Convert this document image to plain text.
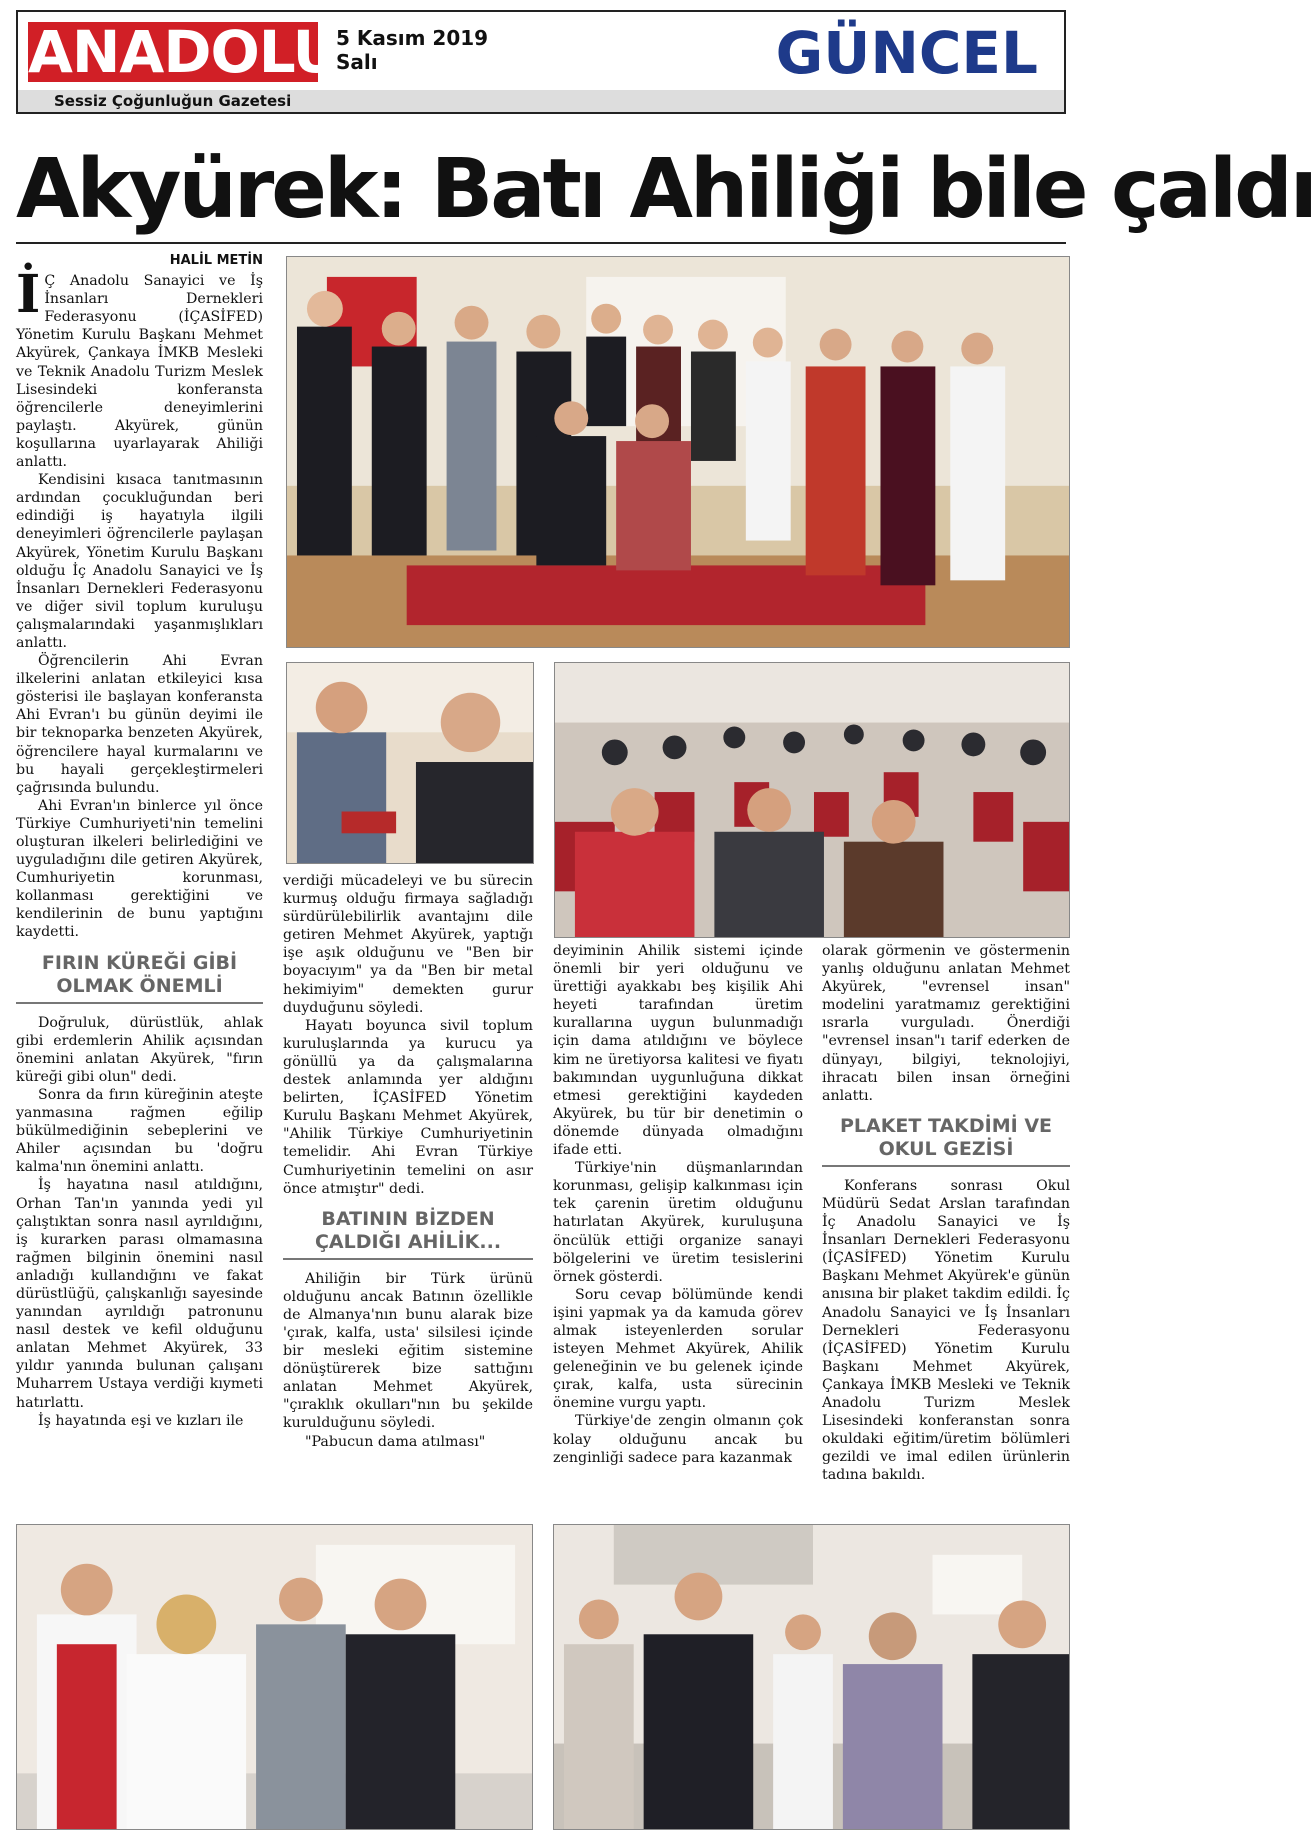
ANADOLU
5 Kasım 2019
Salı	GÜNCEL
Sessiz Çoğunluğun Gazetesi
Akyürek: Batı Ahiliği bile çaldı
HALİL METİN

İ Ç Anadolu Sanayici ve İş İnsanları Dernekleri Federasyonu (İÇASİFED) Yönetim Kurulu Başkanı Mehmet Akyürek, Çankaya İMKB Mesleki ve Teknik Anadolu Turizm Meslek Lisesindeki konferansta öğrencilerle deneyimlerini paylaştı. Akyürek, günün koşullarına uyarlayarak Ahiliği anlattı.

Kendisini kısaca tanıtmasının ardından çocukluğundan beri edindiği iş hayatıyla ilgili deneyimleri öğrencilerle paylaşan Akyürek, Yönetim Kurulu Başkanı olduğu İç Anadolu Sanayici ve İş İnsanları Dernekleri Federasyonu ve diğer sivil toplum kuruluşu çalışmalarındaki yaşanmışlıkları anlattı.

Öğrencilerin Ahi Evran ilkelerini anlatan etkileyici kısa gösterisi ile başlayan konferansta Ahi Evran'ı bu günün deyimi ile bir teknoparka benzeten Akyürek, öğrencilere hayal kurmalarını ve bu hayali gerçekleştirmeleri çağrısında bulundu.

Ahi Evran'ın binlerce yıl önce Türkiye Cumhuriyeti'nin temelini oluşturan ilkeleri belirlediğini ve uyguladığını dile getiren Akyürek, Cumhuriyetin korunması, kollanması gerektiğini ve kendilerinin de bunu yaptığını kaydetti.

FIRIN KÜREĞİ GİBİ OLMAK ÖNEMLİ

Doğruluk, dürüstlük, ahlak gibi erdemlerin Ahilik açısından önemini anlatan Akyürek, "fırın küreği gibi olun" dedi.

Sonra da fırın küreğinin ateşte yanmasına rağmen eğilip bükülmediğinin sebeplerini ve Ahiler açısından bu 'doğru kalma'nın önemini anlattı.

İş hayatına nasıl atıldığını, Orhan Tan'ın yanında yedi yıl çalıştıktan sonra nasıl ayrıldığını, iş kurarken parası olmamasına rağmen bilginin önemini nasıl anladığı kullandığını ve fakat dürüstlüğü, çalışkanlığı sayesinde yanından ayrıldığı patronunu nasıl destek ve kefil olduğunu anlatan Mehmet Akyürek, 33 yıldır yanında bulunan çalışanı Muharrem Ustaya verdiği kıymeti hatırlattı.

İş hayatında eşi ve kızları ile

verdiği mücadeleyi ve bu sürecin kurmuş olduğu firmaya sağladığı sürdürülebilirlik avantajını dile getiren Mehmet Akyürek, yaptığı işe aşık olduğunu ve "Ben bir boyacıyım" ya da "Ben bir metal hekimiyim" demekten gurur duyduğunu söyledi.

Hayatı boyunca sivil toplum kuruluşlarında ya kurucu ya gönüllü ya da çalışmalarına destek anlamında yer aldığını belirten, İÇASİFED Yönetim Kurulu Başkanı Mehmet Akyürek, "Ahilik Türkiye Cumhuriyetinin temelidir. Ahi Evran Türkiye Cumhuriyetinin temelini on asır önce atmıştır" dedi.

BATININ BİZDEN ÇALDIĞI AHİLİK...

Ahiliğin bir Türk ürünü olduğunu ancak Batının özellikle de Almanya'nın bunu alarak bize 'çırak, kalfa, usta' silsilesi içinde bir mesleki eğitim sistemine dönüştürerek bize sattığını anlatan Mehmet Akyürek, "çıraklık okulları"nın bu şekilde kurulduğunu söyledi.

"Pabucun dama atılması"

deyiminin Ahilik sistemi içinde önemli bir yeri olduğunu ve ürettiği ayakkabı beş kişilik Ahi heyeti tarafından üretim kurallarına uygun bulunmadığı için dama atıldığını ve böylece kim ne üretiyorsa kalitesi ve fiyatı bakımından uygunluğuna dikkat etmesi gerektiğini kaydeden Akyürek, bu tür bir denetimin o dönemde dünyada olmadığını ifade etti.

Türkiye'nin düşmanlarından korunması, gelişip kalkınması için tek çarenin üretim olduğunu hatırlatan Akyürek, kuruluşuna öncülük ettiği organize sanayi bölgelerini ve üretim tesislerini örnek gösterdi.

Soru cevap bölümünde kendi işini yapmak ya da kamuda görev almak isteyenlerden sorular isteyen Mehmet Akyürek, Ahilik geleneğinin ve bu gelenek içinde çırak, kalfa, usta sürecinin önemine vurgu yaptı.

Türkiye'de zengin olmanın çok kolay olduğunu ancak bu zenginliği sadece para kazanmak

olarak görmenin ve göstermenin yanlış olduğunu anlatan Mehmet Akyürek, "evrensel insan" modelini yaratmamız gerektiğini ısrarla vurguladı. Önerdiği "evrensel insan"ı tarif ederken de dünyayı, bilgiyi, teknolojiyi, ihracatı bilen insan örneğini anlattı.

PLAKET TAKDİMİ VE OKUL GEZİSİ

Konferans sonrası Okul Müdürü Sedat Arslan tarafından İç Anadolu Sanayici ve İş İnsanları Dernekleri Federasyonu (İÇASİFED) Yönetim Kurulu Başkanı Mehmet Akyürek'e günün anısına bir plaket takdim edildi. İç Anadolu Sanayici ve İş İnsanları Dernekleri Federasyonu (İÇASİFED) Yönetim Kurulu Başkanı Mehmet Akyürek, Çankaya İMKB Mesleki ve Teknik Anadolu Turizm Meslek Lisesindeki konferanstan sonra okuldaki eğitim/üretim bölümleri gezildi ve imal edilen ürünlerin tadına bakıldı.
